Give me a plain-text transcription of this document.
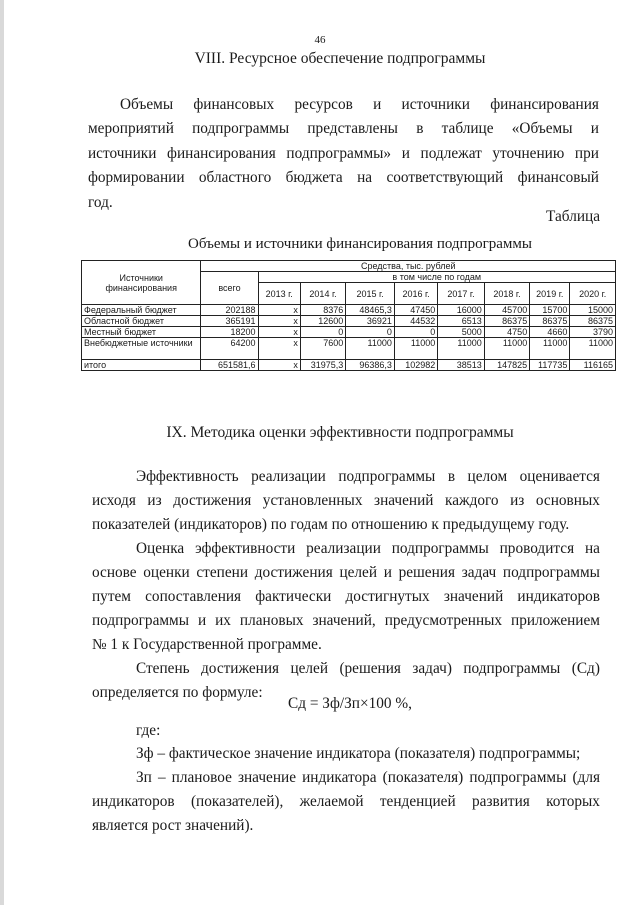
46
VIII. Ресурсное обеспечение подпрограммы
Объемы финансовых ресурсов и источники финансирования
мероприятий подпрограммы представлены в таблице «Объемы и
источники финансирования подпрограммы» и подлежат уточнению при
формировании областного бюджета на соответствующий финансовый
год.
Таблица
Объемы и источники финансирования подпрограммы
Источники финансирования	Средства, тыс. рублей								
	всего	в том числе по годам							
		2013 г.	2014 г.	2015 г.	2016 г.	2017 г.	2018 г.	2019 г.	2020 г.
Федеральный бюджет	202188	x	8376	48465,3	47450	16000	45700	15700	15000
Областной бюджет	365191	x	12600	36921	44532	6513	86375	86375	86375
Местный бюджет	18200	x	0	0	0	5000	4750	4660	3790
Внебюджетные источники	64200	x	7600	11000	11000	11000	11000	11000	11000
итого	651581,6	x	31975,3	96386,3	102982	38513	147825	117735	116165
IX. Методика оценки эффективности подпрограммы
Эффективность реализации подпрограммы в целом оценивается
исходя из достижения установленных значений каждого из основных
показателей (индикаторов) по годам по отношению к предыдущему году.
Оценка эффективности реализации подпрограммы проводится на
основе оценки степени достижения целей и решения задач подпрограммы
путем сопоставления фактически достигнутых значений индикаторов
подпрограммы и их плановых значений, предусмотренных приложением
№ 1 к Государственной программе.
Степень достижения целей (решения задач) подпрограммы (Сд)
определяется по формуле:
Сд = Зф/Зп×100 %,
где:
Зф – фактическое значение индикатора (показателя) подпрограммы;
Зп – плановое значение индикатора (показателя) подпрограммы (для
индикаторов (показателей), желаемой тенденцией развития которых
является рост значений).
